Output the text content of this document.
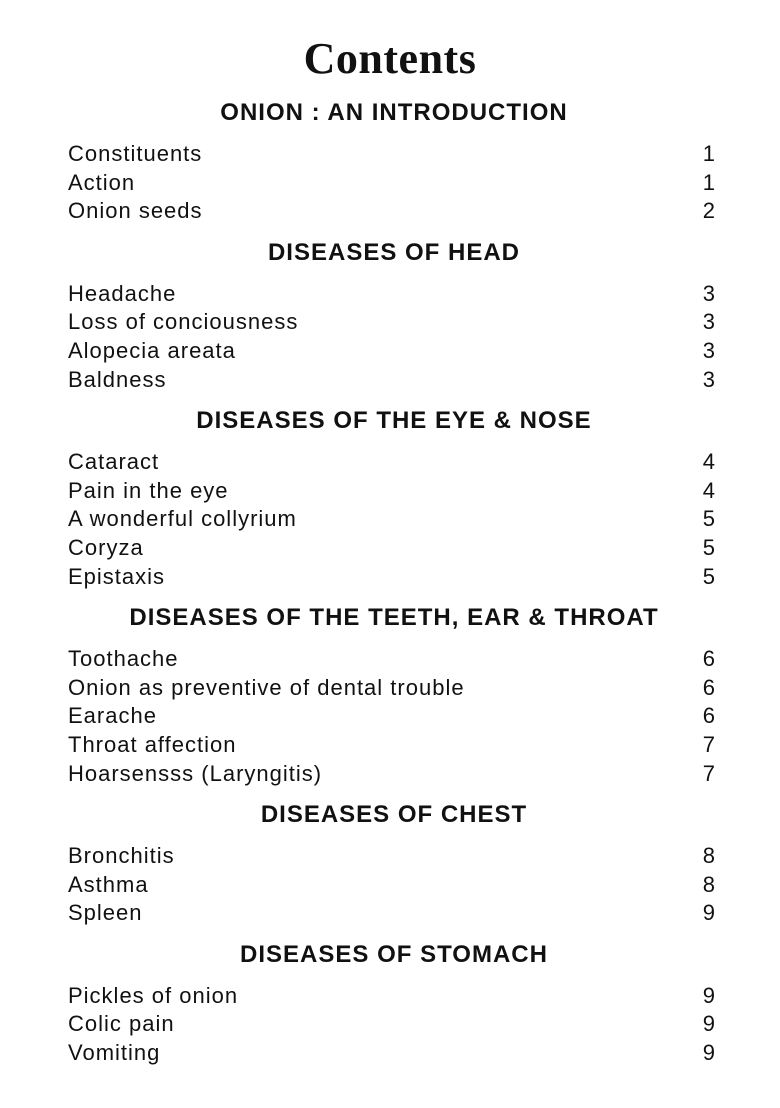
Contents
ONION : AN INTRODUCTION
Constituents	1
Action	1
Onion seeds	2
DISEASES OF HEAD
Headache	3
Loss of conciousness	3
Alopecia areata	3
Baldness	3
DISEASES OF THE EYE & NOSE
Cataract	4
Pain in the eye	4
A wonderful collyrium	5
Coryza	5
Epistaxis	5
DISEASES OF THE TEETH, EAR & THROAT
Toothache	6
Onion as preventive of dental trouble	6
Earache	6
Throat affection	7
Hoarsensss (Laryngitis)	7
DISEASES OF CHEST
Bronchitis	8
Asthma	8
Spleen	9
DISEASES OF STOMACH
Pickles of onion	9
Colic pain	9
Vomiting	9
